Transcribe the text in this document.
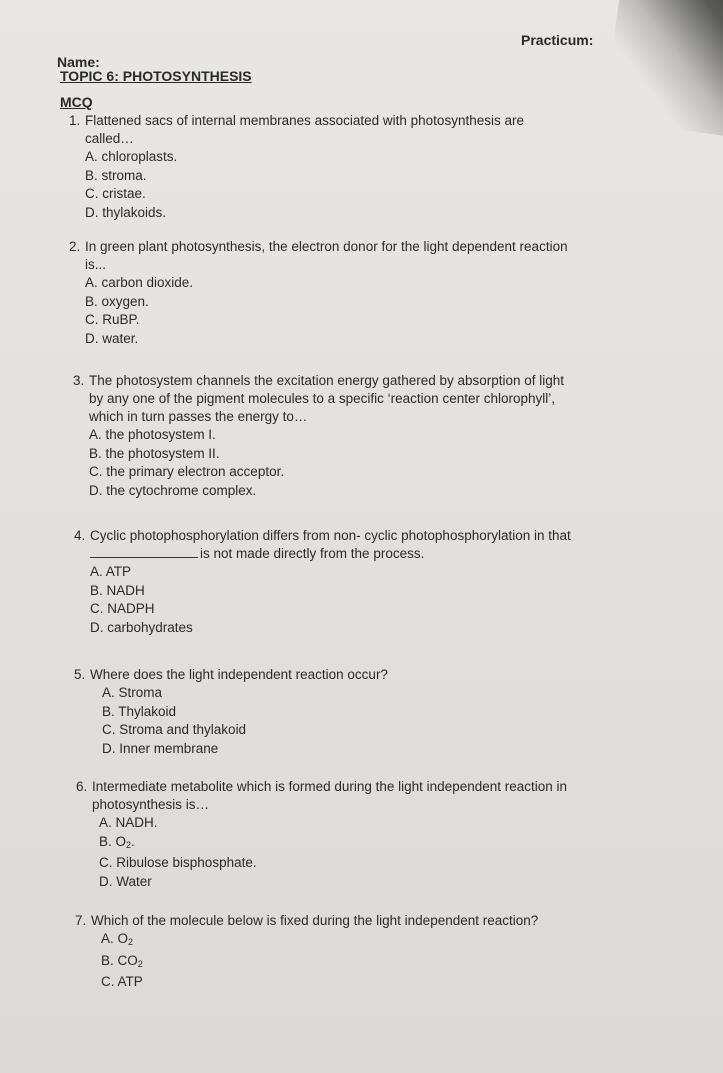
Practicum:
Name:
TOPIC 6: PHOTOSYNTHESIS
MCQ
1. Flattened sacs of internal membranes associated with photosynthesis are
called…
A. chloroplasts.
B. stroma.
C. cristae.
D. thylakoids.
2. In green plant photosynthesis, the electron donor for the light dependent reaction
is...
A. carbon dioxide.
B. oxygen.
C. RuBP.
D. water.
3. The photosystem channels the excitation energy gathered by absorption of light
by any one of the pigment molecules to a specific ‘reaction center chlorophyll’,
which in turn passes the energy to…
A. the photosystem I.
B. the photosystem II.
C. the primary electron acceptor.
D. the cytochrome complex.
4. Cyclic photophosphorylation differs from non- cyclic photophosphorylation in that
is not made directly from the process.
A. ATP
B. NADH
C. NADPH
D. carbohydrates
5. Where does the light independent reaction occur?
A. Stroma
B. Thylakoid
C. Stroma and thylakoid
D. Inner membrane
6. Intermediate metabolite which is formed during the light independent reaction in
photosynthesis is…
A. NADH.
B. $O_2$.
C. Ribulose bisphosphate.
D. Water
7. Which of the molecule below is fixed during the light independent reaction?
A. $O_2$
B. $CO_2$
C. ATP
